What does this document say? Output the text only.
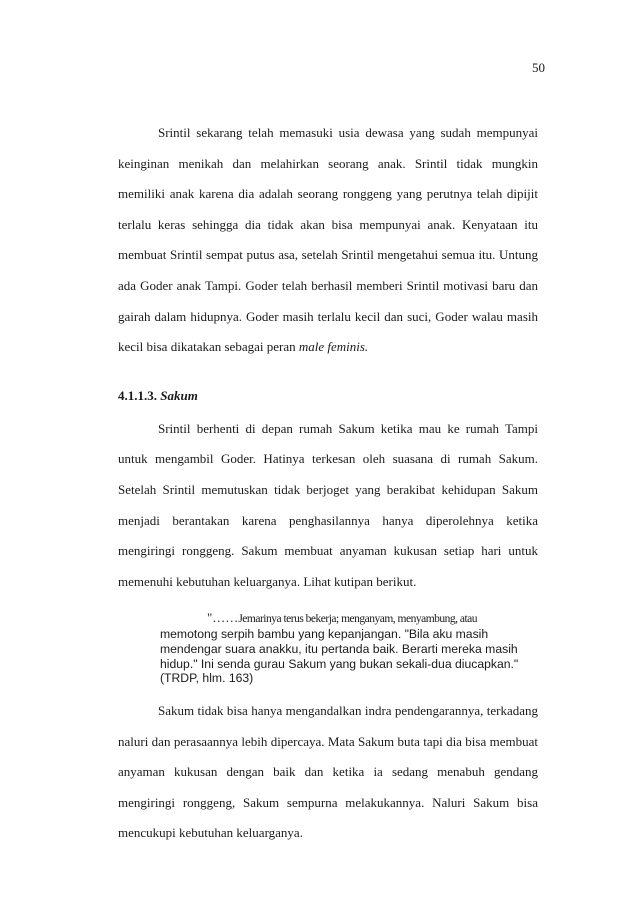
50

Srintil sekarang telah memasuki usia dewasa yang sudah mempunyai keinginan menikah dan melahirkan seorang anak. Srintil tidak mungkin memiliki anak karena dia adalah seorang ronggeng yang perutnya telah dipijit terlalu keras sehingga dia tidak akan bisa mempunyai anak. Kenyataan itu membuat Srintil sempat putus asa, setelah Srintil mengetahui semua itu. Untung ada Goder anak Tampi. Goder telah berhasil memberi Srintil motivasi baru dan gairah dalam hidupnya. Goder masih terlalu kecil dan suci, Goder walau masih kecil bisa dikatakan sebagai peran male feminis.

4.1.1.3. Sakum

Srintil berhenti di depan rumah Sakum ketika mau ke rumah Tampi untuk mengambil Goder. Hatinya terkesan oleh suasana di rumah Sakum. Setelah Srintil memutuskan tidak berjoget yang berakibat kehidupan Sakum menjadi berantakan karena penghasilannya hanya diperolehnya ketika mengiringi ronggeng. Sakum membuat anyaman kukusan setiap hari untuk memenuhi kebutuhan keluarganya. Lihat kutipan berikut.

"……Jemarinya terus bekerja; menganyam, menyambung, atau
memotong serpih bambu yang kepanjangan. "Bila aku masih mendengar suara anakku, itu pertanda baik. Berarti mereka masih hidup." Ini senda gurau Sakum yang bukan sekali-dua diucapkan." (TRDP, hlm. 163)

Sakum tidak bisa hanya mengandalkan indra pendengarannya, terkadang naluri dan perasaannya lebih dipercaya. Mata Sakum buta tapi dia bisa membuat anyaman kukusan dengan baik dan ketika ia sedang menabuh gendang mengiringi ronggeng, Sakum sempurna melakukannya. Naluri Sakum bisa mencukupi kebutuhan keluarganya.
